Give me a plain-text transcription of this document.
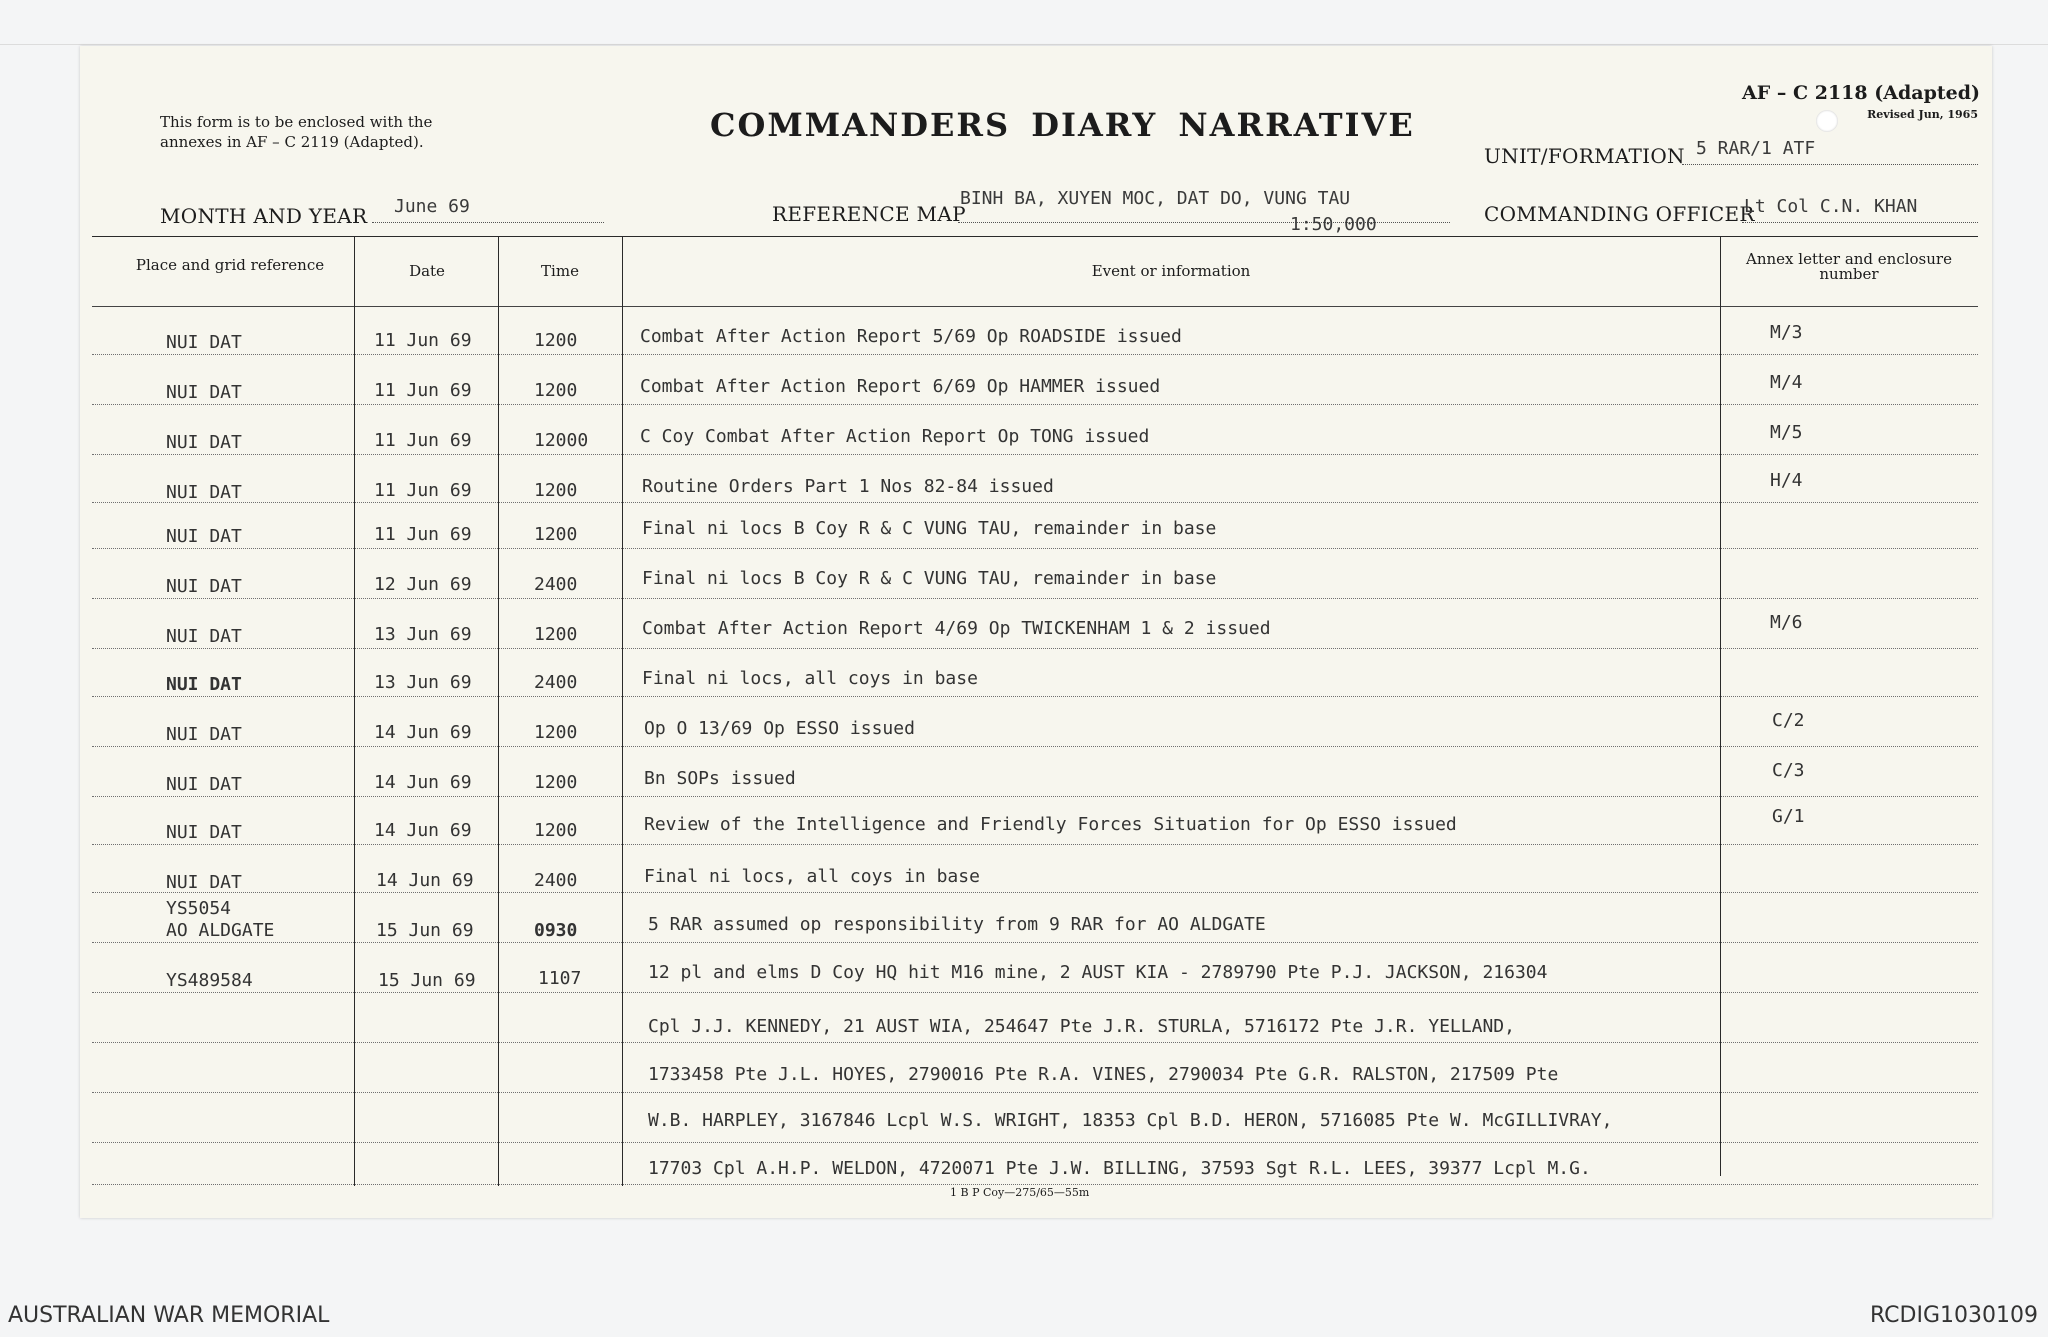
This form is to be enclosed with the annexes in AF – C 2119 (Adapted).	COMMANDERS DIARY NARRATIVE
AF – C 2118 (Adapted)
Revised Jun, 1965
UNIT/FORMATION 5 RAR/1 ATF
MONTH AND YEAR June 69	REFERENCE MAP
BINH BA, XUYEN MOC, DAT DO, VUNG TAU
1:50,000	COMMANDING OFFICER
Lt Col C.N. KHAN
Place and grid reference	Date	Time	Event or information
Annex letter and enclosure number
NUI DAT	11 Jun 69	1200	Combat After Action Report 5/69 Op ROADSIDE issued	M/3
NUI DAT	11 Jun 69	1200	Combat After Action Report 6/69 Op HAMMER issued	M/4
NUI DAT	11 Jun 69	12000	C Coy Combat After Action Report Op TONG issued	M/5
NUI DAT	11 Jun 69	1200	Routine Orders Part 1 Nos 82-84 issued	H/4
NUI DAT	11 Jun 69	1200	Final ni locs B Coy R & C VUNG TAU, remainder in base
NUI DAT	12 Jun 69	2400	Final ni locs B Coy R & C VUNG TAU, remainder in base
NUI DAT	13 Jun 69	1200	Combat After Action Report 4/69 Op TWICKENHAM 1 & 2 issued	M/6
NUI DAT	13 Jun 69	2400	Final ni locs, all coys in base
NUI DAT	14 Jun 69	1200	Op O 13/69 Op ESSO issued	C/2
NUI DAT	14 Jun 69	1200	Bn SOPs issued	C/3
NUI DAT	14 Jun 69	1200	Review of the Intelligence and Friendly Forces Situation for Op ESSO issued	G/1
NUI DAT	14 Jun 69	2400	Final ni locs, all coys in base
YS5054
AO ALDGATE	15 Jun 69	0930	5 RAR assumed op responsibility from 9 RAR for AO ALDGATE
YS489584	15 Jun 69	1107	12 pl and elms D Coy HQ hit M16 mine, 2 AUST KIA - 2789790 Pte P.J. JACKSON, 216304
Cpl J.J. KENNEDY, 21 AUST WIA, 254647 Pte J.R. STURLA, 5716172 Pte J.R. YELLAND,
1733458 Pte J.L. HOYES, 2790016 Pte R.A. VINES, 2790034 Pte G.R. RALSTON, 217509 Pte
W.B. HARPLEY, 3167846 Lcpl W.S. WRIGHT, 18353 Cpl B.D. HERON, 5716085 Pte W. McGILLIVRAY,
17703 Cpl A.H.P. WELDON, 4720071 Pte J.W. BILLING, 37593 Sgt R.L. LEES, 39377 Lcpl M.G.
1 B P Coy—275/65—55m
AUSTRALIAN WAR MEMORIAL	RCDIG1030109
